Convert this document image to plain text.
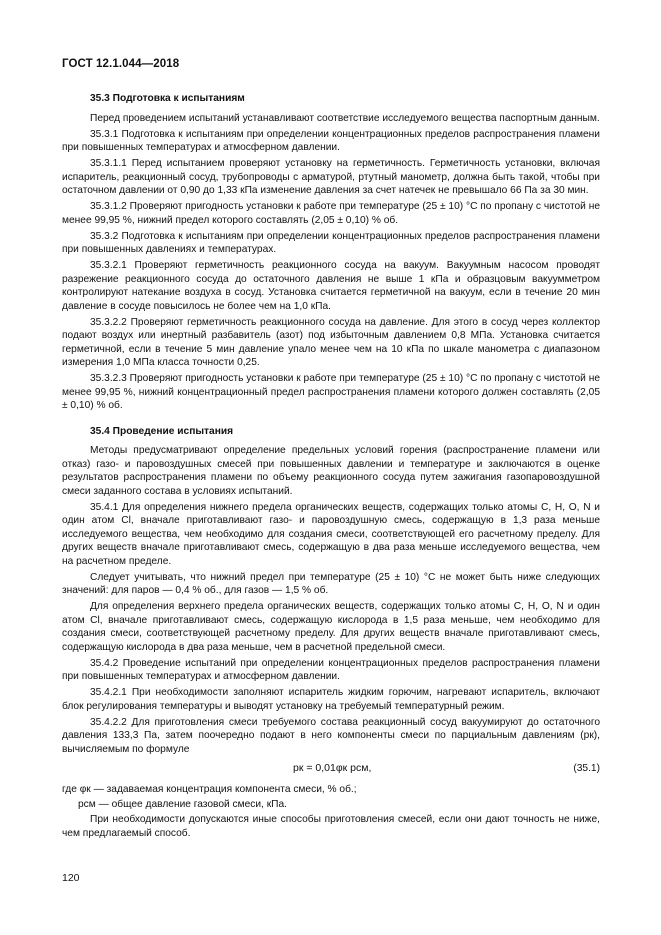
ГОСТ 12.1.044—2018
35.3 Подготовка к испытаниям

Перед проведением испытаний устанавливают соответствие исследуемого вещества паспортным данным.

35.3.1 Подготовка к испытаниям при определении концентрационных пределов распространения пламени при повышенных температурах и атмосферном давлении.

35.3.1.1 Перед испытанием проверяют установку на герметичность. Герметичность установки, включая испаритель, реакционный сосуд, трубопроводы с арматурой, ртутный манометр, должна быть такой, чтобы при остаточном давлении от 0,90 до 1,33 кПа изменение давления за счет натечек не превышало 66 Па за 30 мин.

35.3.1.2 Проверяют пригодность установки к работе при температуре (25 ± 10) °С по пропану с чистотой не менее 99,95 %, нижний предел которого составлять (2,05 ± 0,10) % об.

35.3.2 Подготовка к испытаниям при определении концентрационных пределов распространения пламени при повышенных давлениях и температурах.

35.3.2.1 Проверяют герметичность реакционного сосуда на вакуум. Вакуумным насосом проводят разрежение реакционного сосуда до остаточного давления не выше 1 кПа и образцовым вакуумметром контролируют натекание воздуха в сосуд. Установка считается герметичной на вакуум, если в течение 20 мин давление в сосуде повысилось не более чем на 1,0 кПа.

35.3.2.2 Проверяют герметичность реакционного сосуда на давление. Для этого в сосуд через коллектор подают воздух или инертный разбавитель (азот) под избыточным давлением 0,8 МПа. Установка считается герметичной, если в течение 5 мин давление упало менее чем на 10 кПа по шкале манометра с диапазоном измерения 1,0 МПа класса точности 0,25.

35.3.2.3 Проверяют пригодность установки к работе при температуре (25 ± 10) °С по пропану с чистотой не менее 99,95 %, нижний концентрационный предел распространения пламени которого должен составлять (2,05 ± 0,10) % об.

35.4 Проведение испытания

Методы предусматривают определение предельных условий горения (распространение пламени или отказ) газо- и паровоздушных смесей при повышенных давлении и температуре и заключаются в оценке результатов распространения пламени по объему реакционного сосуда путем зажигания газопаровоздушной смеси заданного состава в условиях испытаний.

35.4.1 Для определения нижнего предела органических веществ, содержащих только атомы С, Н, О, N и один атом Cl, вначале приготавливают газо- и паровоздушную смесь, содержащую в 1,3 раза меньше исследуемого вещества, чем необходимо для создания смеси, соответствующей его расчетному пределу. Для других веществ вначале приготавливают смесь, содержащую в два раза меньше исследуемого вещества, чем на расчетном пределе.

Следует учитывать, что нижний предел при температуре (25 ± 10) °С не может быть ниже следующих значений: для паров — 0,4 % об., для газов — 1,5 % об.

Для определения верхнего предела органических веществ, содержащих только атомы С, Н, О, N и один атом Cl, вначале приготавливают смесь, содержащую кислорода в 1,5 раза меньше, чем необходимо для создания смеси, соответствующей расчетному пределу. Для других веществ вначале приготавливают смесь, содержащую кислорода в два раза меньше, чем в расчетной предельной смеси.

35.4.2 Проведение испытаний при определении концентрационных пределов распространения пламени при повышенных температурах и атмосферном давлении.

35.4.2.1 При необходимости заполняют испаритель жидким горючим, нагревают испаритель, включают блок регулирования температуры и выводят установку на требуемый температурный режим.

35.4.2.2 Для приготовления смеси требуемого состава реакционный сосуд вакуумируют до остаточного давления 133,3 Па, затем поочередно подают в него компоненты смеси по парциальным давлениям (pк), вычисляемым по формуле

pк = 0,01φк pсм,	(35.1)

где φк — задаваемая концентрация компонента смеси, % об.;

pсм — общее давление газовой смеси, кПа.

При необходимости допускаются иные способы приготовления смесей, если они дают точность не ниже, чем предлагаемый способ.

120
